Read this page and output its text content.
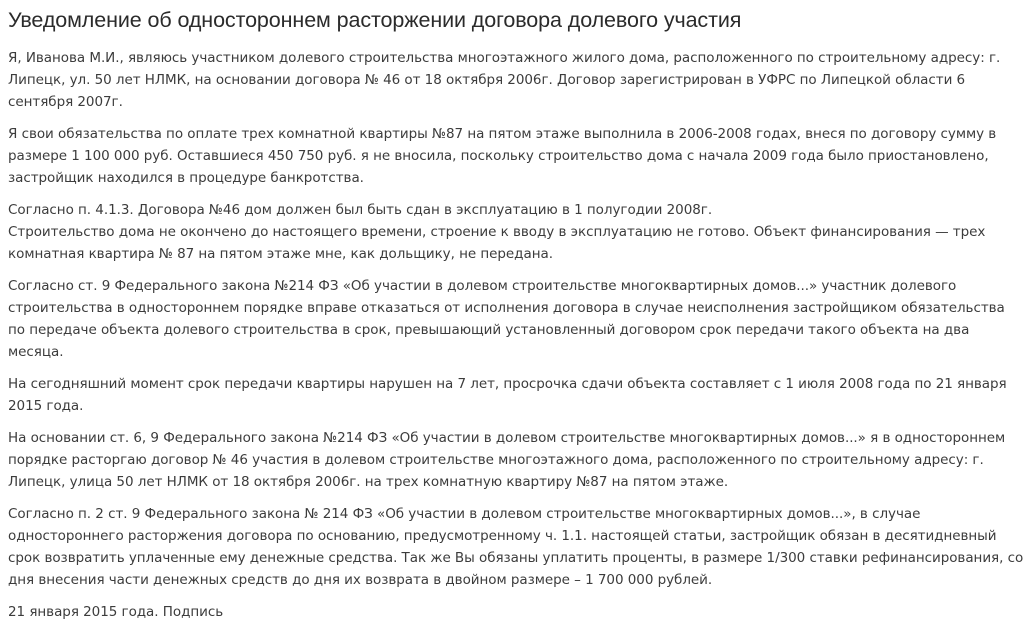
Уведомление об одностороннем расторжении договора долевого участия
Я, Иванова М.И., являюсь участником долевого строительства многоэтажного жилого дома, расположенного по строительному адресу: г.
Липецк, ул. 50 лет НЛМК, на основании договора № 46 от 18 октября 2006г. Договор зарегистрирован в УФРС по Липецкой области 6
сентября 2007г.
Я свои обязательства по оплате трех комнатной квартиры №87 на пятом этаже выполнила в 2006-2008 годах, внеся по договору сумму в
размере 1 100 000 руб. Оставшиеся 450 750 руб. я не вносила, поскольку строительство дома с начала 2009 года было приостановлено,
застройщик находился в процедуре банкротства.
Согласно п. 4.1.3. Договора №46 дом должен был быть сдан в эксплуатацию в 1 полугодии 2008г.
Строительство дома не окончено до настоящего времени, строение к вводу в эксплуатацию не готово. Объект финансирования — трех
комнатная квартира № 87 на пятом этаже мне, как дольщику, не передана.
Согласно ст. 9 Федерального закона №214 ФЗ «Об участии в долевом строительстве многоквартирных домов...» участник долевого
строительства в одностороннем порядке вправе отказаться от исполнения договора в случае неисполнения застройщиком обязательства
по передаче объекта долевого строительства в срок, превышающий установленный договором срок передачи такого объекта на два
месяца.
На сегодняшний момент срок передачи квартиры нарушен на 7 лет, просрочка сдачи объекта составляет с 1 июля 2008 года по 21 января
2015 года.
На основании ст. 6, 9 Федерального закона №214 ФЗ «Об участии в долевом строительстве многоквартирных домов...» я в одностороннем
порядке расторгаю договор № 46 участия в долевом строительстве многоэтажного дома, расположенного по строительному адресу: г.
Липецк, улица 50 лет НЛМК от 18 октября 2006г. на трех комнатную квартиру №87 на пятом этаже.
Согласно п. 2 ст. 9 Федерального закона № 214 ФЗ «Об участии в долевом строительстве многоквартирных домов...», в случае
одностороннего расторжения договора по основанию, предусмотренному ч. 1.1. настоящей статьи, застройщик обязан в десятидневный
срок возвратить уплаченные ему денежные средства. Так же Вы обязаны уплатить проценты, в размере 1/300 ставки рефинансирования, со
дня внесения части денежных средств до дня их возврата в двойном размере – 1 700 000 рублей.
21 января 2015 года. Подпись
